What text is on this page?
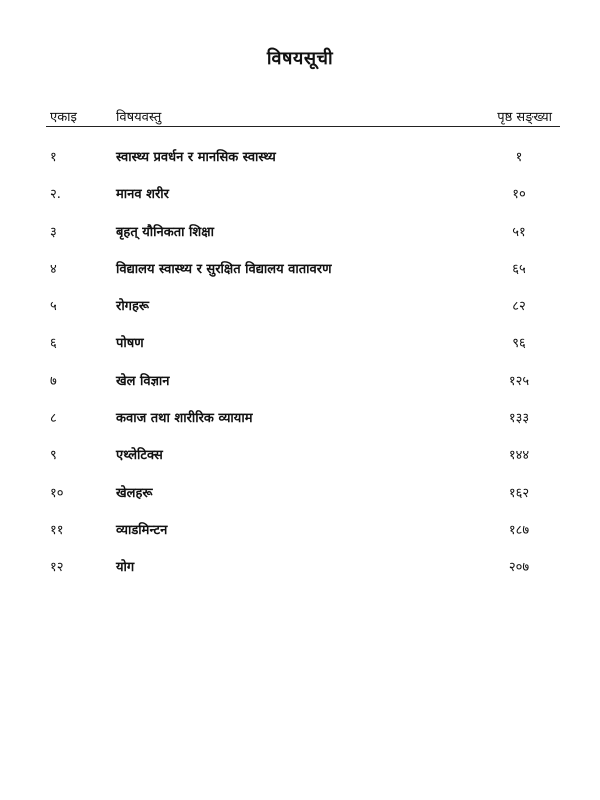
विषयसूची
एकाइ	विषयवस्तु	पृष्ठ सङ्ख्या
१	स्वास्थ्य प्रवर्धन र मानसिक स्वास्थ्य	१
२.	मानव शरीर	१०
३	बृहत् यौनिकता शिक्षा	५१
४	विद्यालय स्वास्थ्य र सुरक्षित विद्यालय वातावरण	६५
५	रोगहरू	८२
६	पोषण	९६
७	खेल विज्ञान	१२५
८	कवाज तथा शारीरिक व्यायाम	१३३
९	एथ्लेटिक्स	१४४
१०	खेलहरू	१६२
११	व्याडमिन्टन	१८७
१२	योग	२०७
